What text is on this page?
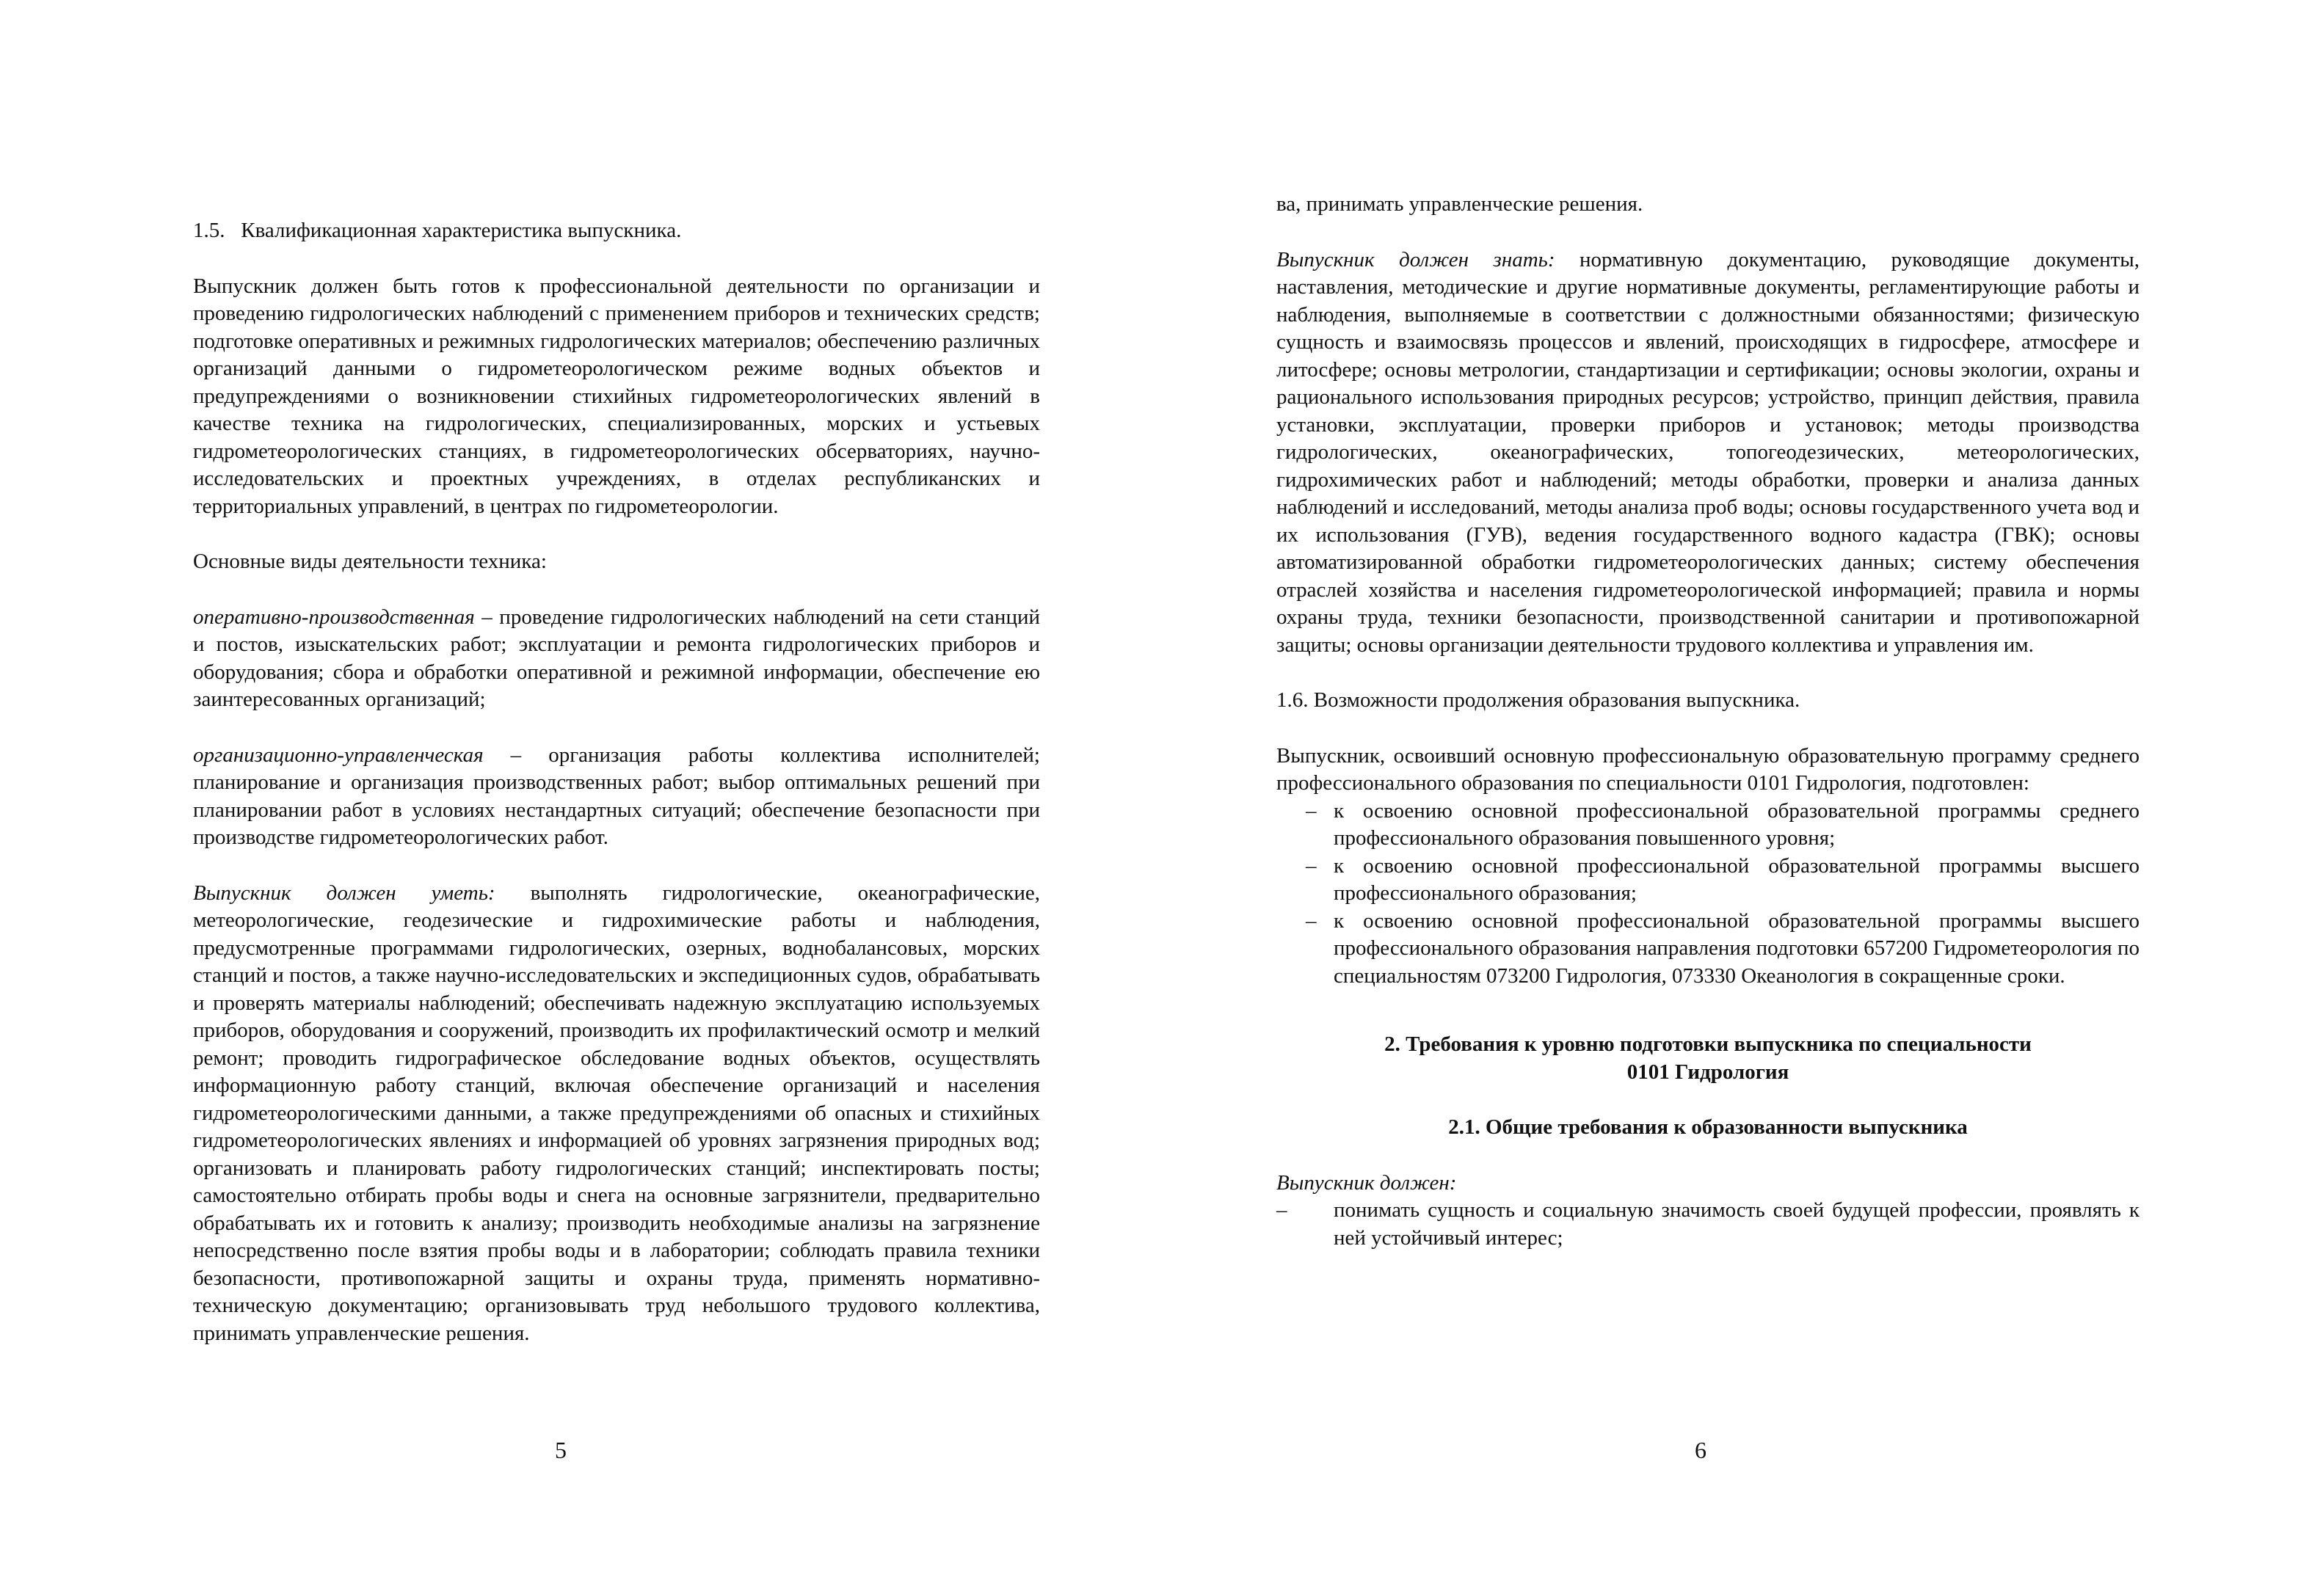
1.5.   Квалификационная характеристика выпускника.

Выпускник должен быть готов к профессиональной деятельности по организации и проведению гидрологических наблюдений с применением приборов и технических средств; подготовке оперативных и режимных гидрологических материалов; обеспечению различных организаций данными о гидрометеорологическом режиме водных объектов и предупреждениями о возникновении стихийных гидрометеорологических явлений в качестве техника на гидрологических, специализированных, морских и устьевых гидрометеорологических станциях, в гидрометеорологических обсерваториях, научно-исследовательских и проектных учреждениях, в отделах республиканских и территориальных управлений, в центрах по гидрометеорологии.

Основные виды деятельности техника:

оперативно-производственная – проведение гидрологических наблюдений на сети станций и постов, изыскательских работ; эксплуатации и ремонта гидрологических приборов и оборудования; сбора и обработки оперативной и режимной информации, обеспечение ею заинтересованных организаций;

организационно-управленческая – организация работы коллектива исполнителей; планирование и организация производственных работ; выбор оптимальных решений при планировании работ в условиях нестандартных ситуаций; обеспечение безопасности при производстве гидрометеорологических работ.

Выпускник должен уметь: выполнять гидрологические, океанографические, метеорологические, геодезические и гидрохимические работы и наблюдения, предусмотренные программами гидрологических, озерных, воднобалансовых, морских станций и постов, а также научно-исследовательских и экспедиционных судов, обрабатывать и проверять материалы наблюдений; обеспечивать надежную эксплуатацию используемых приборов, оборудования и сооружений, производить их профилактический осмотр и мелкий ремонт; проводить гидрографическое обследование водных объектов, осуществлять информационную работу станций, включая обеспечение организаций и населения гидрометеорологическими данными, а также предупреждениями об опасных и стихийных гидрометеорологических явлениях и информацией об уровнях загрязнения природных вод; организовать и планировать работу гидрологических станций; инспектировать посты; самостоятельно отбирать пробы воды и снега на основные загрязнители, предварительно обрабатывать их и готовить к анализу; производить необходимые анализы на загрязнение непосредственно после взятия пробы воды и в лаборатории; соблюдать правила техники безопасности, противопожарной защиты и охраны труда, применять нормативно-техническую документацию; организовывать труд небольшого трудового коллектива, принимать управленческие решения.

5

ва, принимать управленческие решения.

Выпускник должен знать: нормативную документацию, руководящие документы, наставления, методические и другие нормативные документы, регламентирующие работы и наблюдения, выполняемые в соответствии с должностными обязанностями; физическую сущность и взаимосвязь процессов и явлений, происходящих в гидросфере, атмосфере и литосфере; основы метрологии, стандартизации и сертификации; основы экологии, охраны и рационального использования природных ресурсов; устройство, принцип действия, правила установки, эксплуатации, проверки приборов и установок; методы производства гидрологических, океанографических, топогеодезических, метеорологических, гидрохимических работ и наблюдений; методы обработки, проверки и анализа данных наблюдений и исследований, методы анализа проб воды; основы государственного учета вод и их использования (ГУВ), ведения государственного водного кадастра (ГВК); основы автоматизированной обработки гидрометеорологических данных; систему обеспечения отраслей хозяйства и населения гидрометеорологической информацией; правила и нормы охраны труда, техники безопасности, производственной санитарии и противопожарной защиты; основы организации деятельности трудового коллектива и управления им.

1.6. Возможности продолжения образования выпускника.

Выпускник, освоивший основную профессиональную образовательную программу среднего профессионального образования по специальности 0101 Гидрология, подготовлен:

– к освоению основной профессиональной образовательной программы среднего профессионального образования повышенного уровня;
– к освоению основной профессиональной образовательной программы высшего профессионального образования;
– к освоению основной профессиональной образовательной программы высшего профессионального образования направления подготовки 657200 Гидрометеорология по специальностям 073200 Гидрология, 073330 Океанология в сокращенные сроки.

2. Требования к уровню подготовки выпускника по специальности
0101 Гидрология

2.1. Общие требования к образованности выпускника

Выпускник должен:

– понимать сущность и социальную значимость своей будущей профессии, проявлять к ней устойчивый интерес;
6
